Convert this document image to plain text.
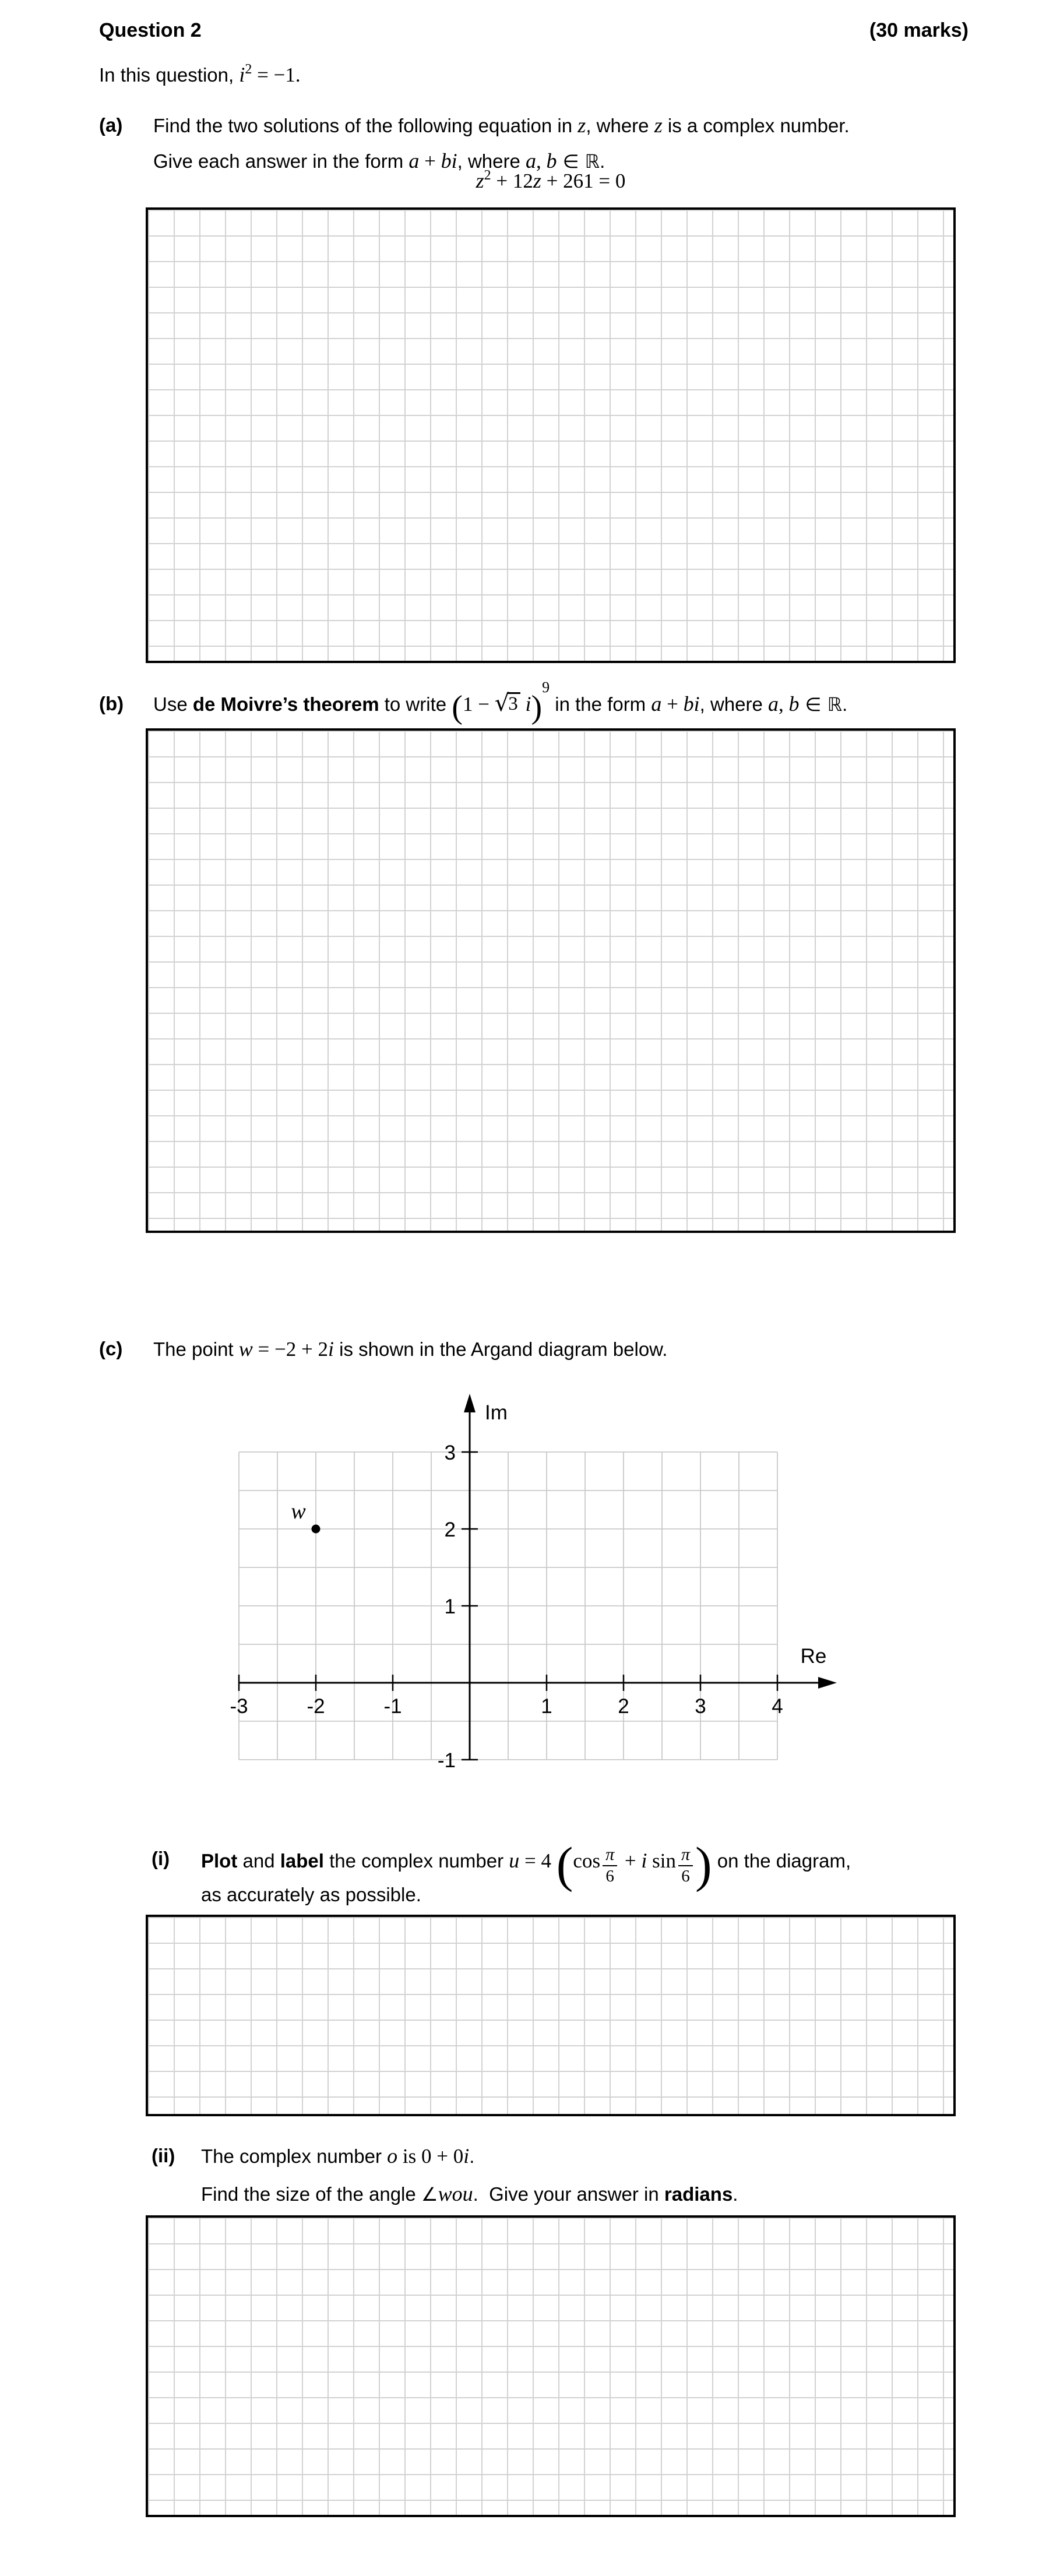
Question 2	(30 marks)
In this question, $i^2 = -1$.
(a) Find the two solutions of the following equation in z, where z is a complex number.
Give each answer in the form a + bi, where a, b ∈ ℝ.
$z^2 + 12z + 261 = 0$
(b) Use de Moivre’s theorem to write (1 − √3 i)$^9$ in the form a + bi, where a, b ∈ ℝ.
(c) The point w = −2 + 2i is shown in the Argand diagram below.
-3	-2	-1	1	2	3	4
-1
1
2
3
Re
Im
w
(i) Plot and label the complex number u = 4 ($\cos \frac{\pi}{6} + i$ $\sin \frac{\pi}{6}$ ) on the diagram,
as accurately as possible.
(ii) The complex number o is 0 + 0i.
Find the size of the angle ∠wou.  Give your answer in radians.
